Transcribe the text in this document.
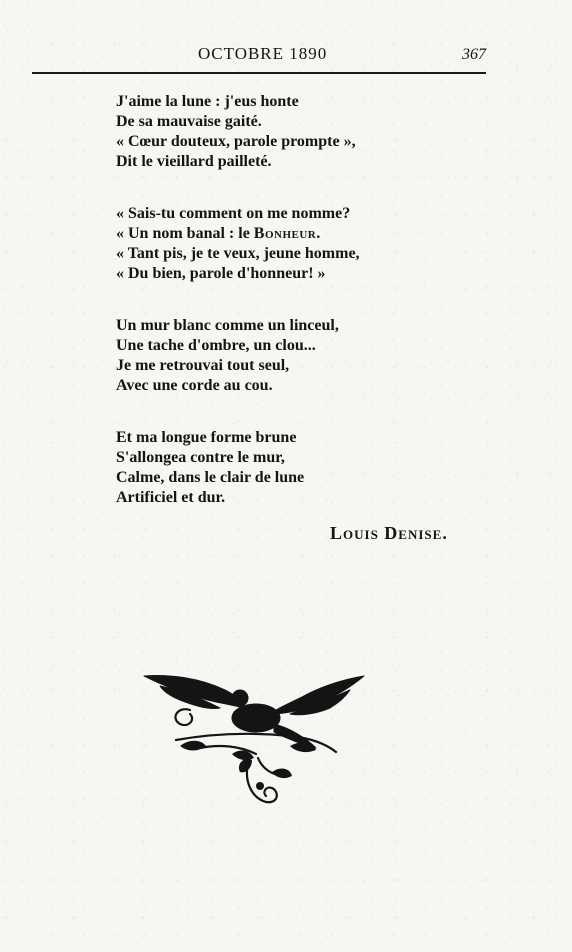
OCTOBRE 1890	367
J'aime la lune : j'eus honte
De sa mauvaise gaité.
« Cœur douteux, parole prompte »,
Dit le vieillard pailleté.
« Sais-tu comment on me nomme?
« Un nom banal : le Bonheur.
« Tant pis, je te veux, jeune homme,
« Du bien, parole d'honneur! »
Un mur blanc comme un linceul,
Une tache d'ombre, un clou...
Je me retrouvai tout seul,
Avec une corde au cou.
Et ma longue forme brune
S'allongea contre le mur,
Calme, dans le clair de lune
Artificiel et dur.
Louis Denise.
